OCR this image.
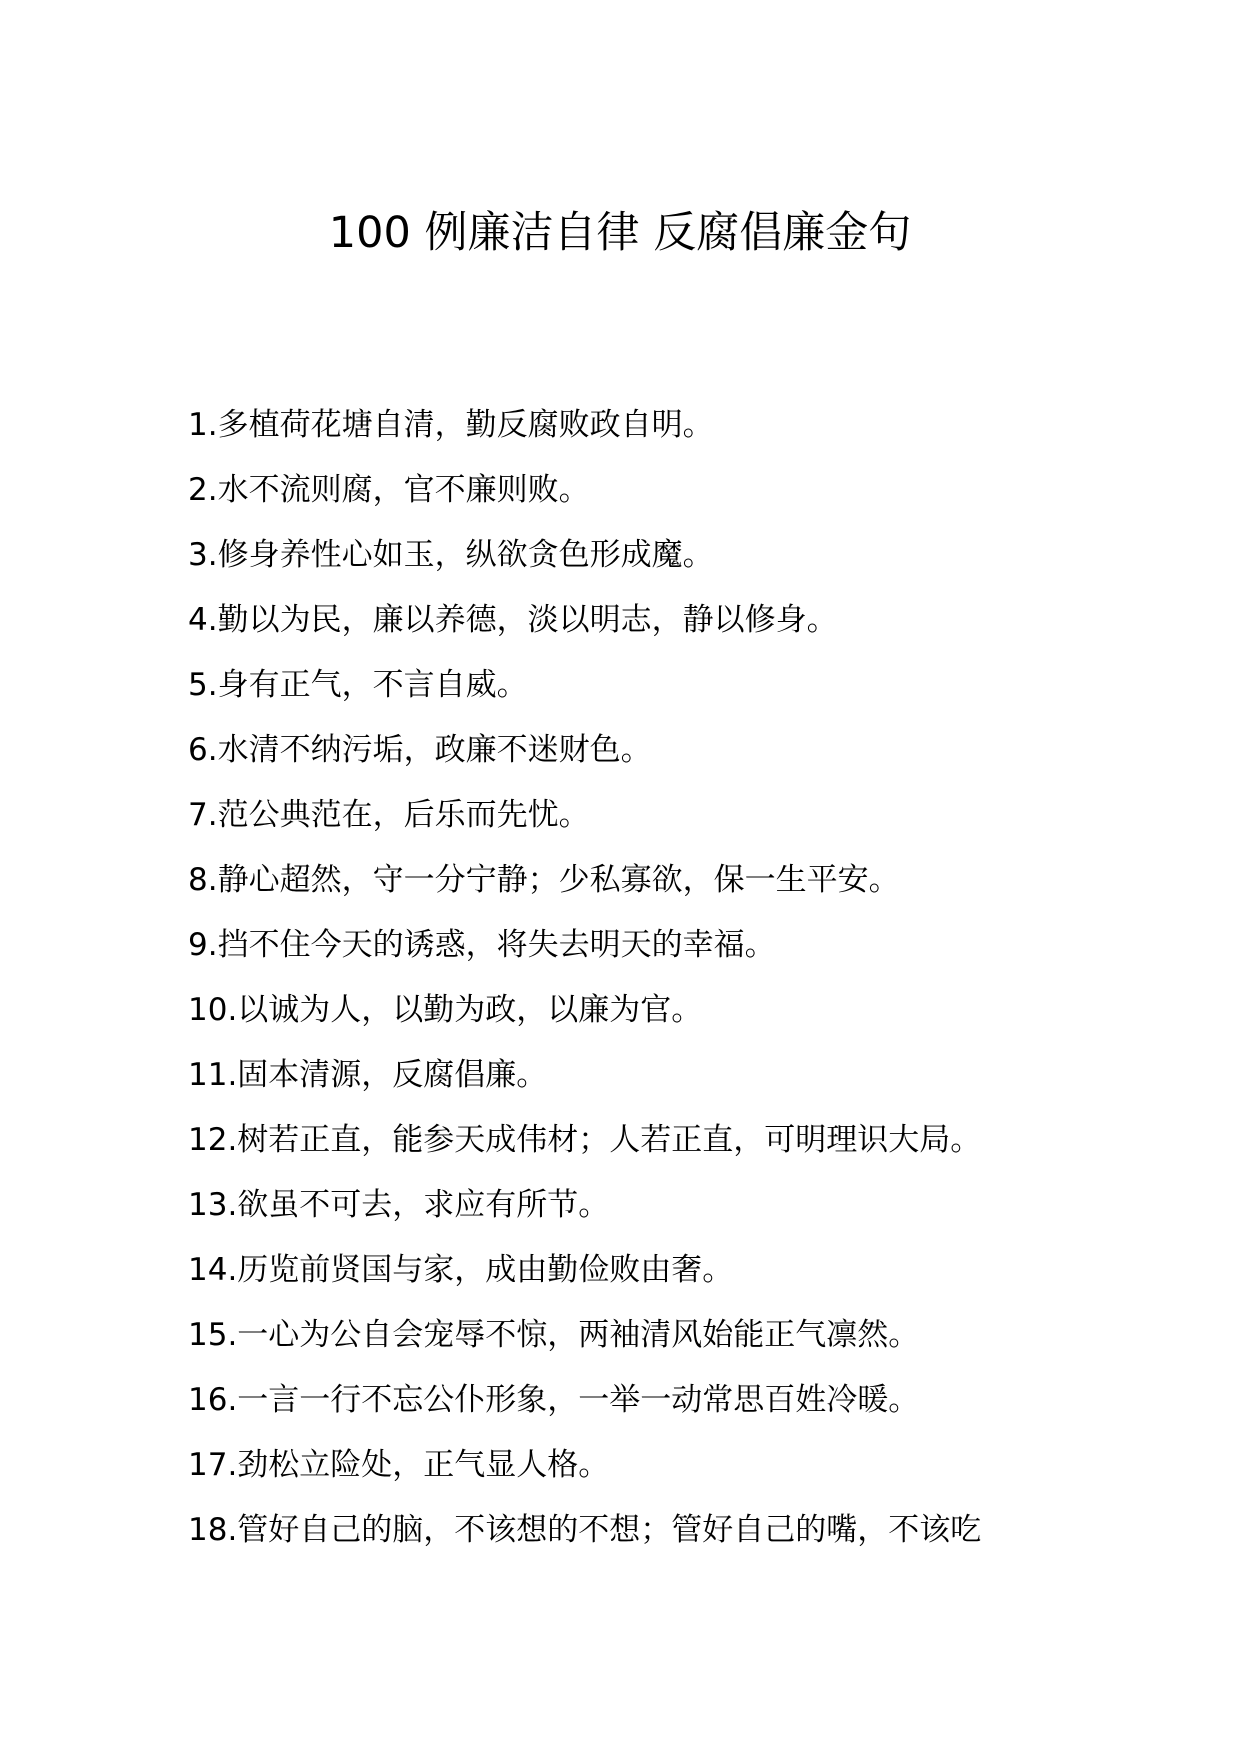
100 例廉洁自律 反腐倡廉金句
1.多植荷花塘自清，勤反腐败政自明。
2.水不流则腐，官不廉则败。
3.修身养性心如玉，纵欲贪色形成魔。
4.勤以为民，廉以养德，淡以明志，静以修身。
5.身有正气，不言自威。
6.水清不纳污垢，政廉不迷财色。
7.范公典范在，后乐而先忧。
8.静心超然，守一分宁静；少私寡欲，保一生平安。
9.挡不住今天的诱惑，将失去明天的幸福。
10.以诚为人，以勤为政，以廉为官。
11.固本清源，反腐倡廉。
12.树若正直，能参天成伟材；人若正直，可明理识大局。
13.欲虽不可去，求应有所节。
14.历览前贤国与家，成由勤俭败由奢。
15.一心为公自会宠辱不惊，两袖清风始能正气凛然。
16.一言一行不忘公仆形象，一举一动常思百姓冷暖。
17.劲松立险处，正气显人格。
18.管好自己的脑，不该想的不想；管好自己的嘴，不该吃
